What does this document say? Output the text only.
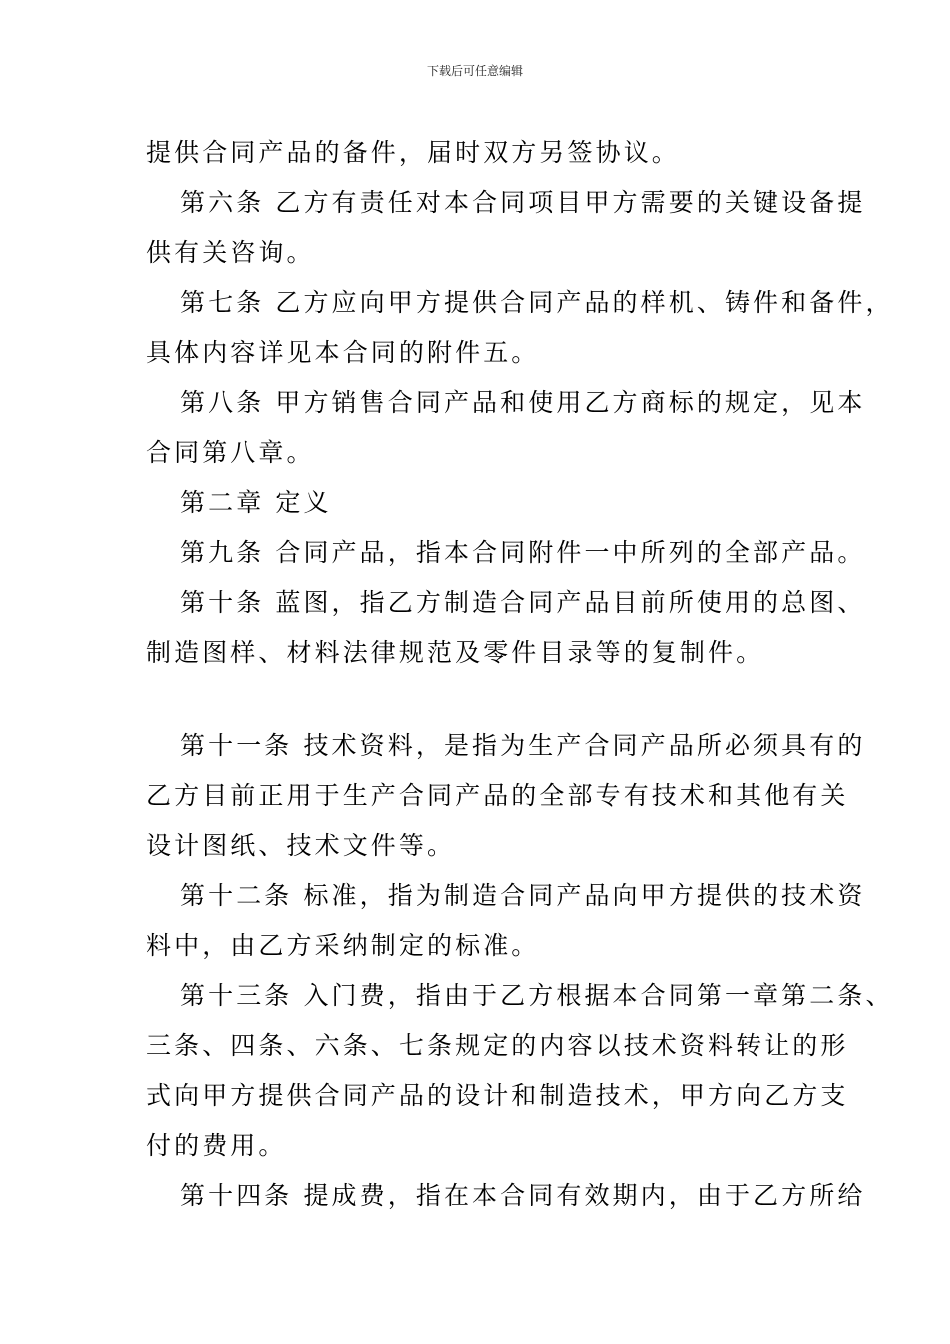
下载后可任意编辑
提供合同产品的备件，届时双方另签协议。
第六条 乙方有责任对本合同项目甲方需要的关键设备提
供有关咨询。
第七条 乙方应向甲方提供合同产品的样机、铸件和备件，
具体内容详见本合同的附件五。
第八条 甲方销售合同产品和使用乙方商标的规定，见本
合同第八章。
第二章 定义
第九条 合同产品，指本合同附件一中所列的全部产品。
第十条 蓝图，指乙方制造合同产品目前所使用的总图、
制造图样、材料法律规范及零件目录等的复制件。
第十一条 技术资料，是指为生产合同产品所必须具有的
乙方目前正用于生产合同产品的全部专有技术和其他有关
设计图纸、技术文件等。
第十二条 标准，指为制造合同产品向甲方提供的技术资
料中，由乙方采纳制定的标准。
第十三条 入门费，指由于乙方根据本合同第一章第二条、
三条、四条、六条、七条规定的内容以技术资料转让的形
式向甲方提供合同产品的设计和制造技术，甲方向乙方支
付的费用。
第十四条 提成费，指在本合同有效期内，由于乙方所给
